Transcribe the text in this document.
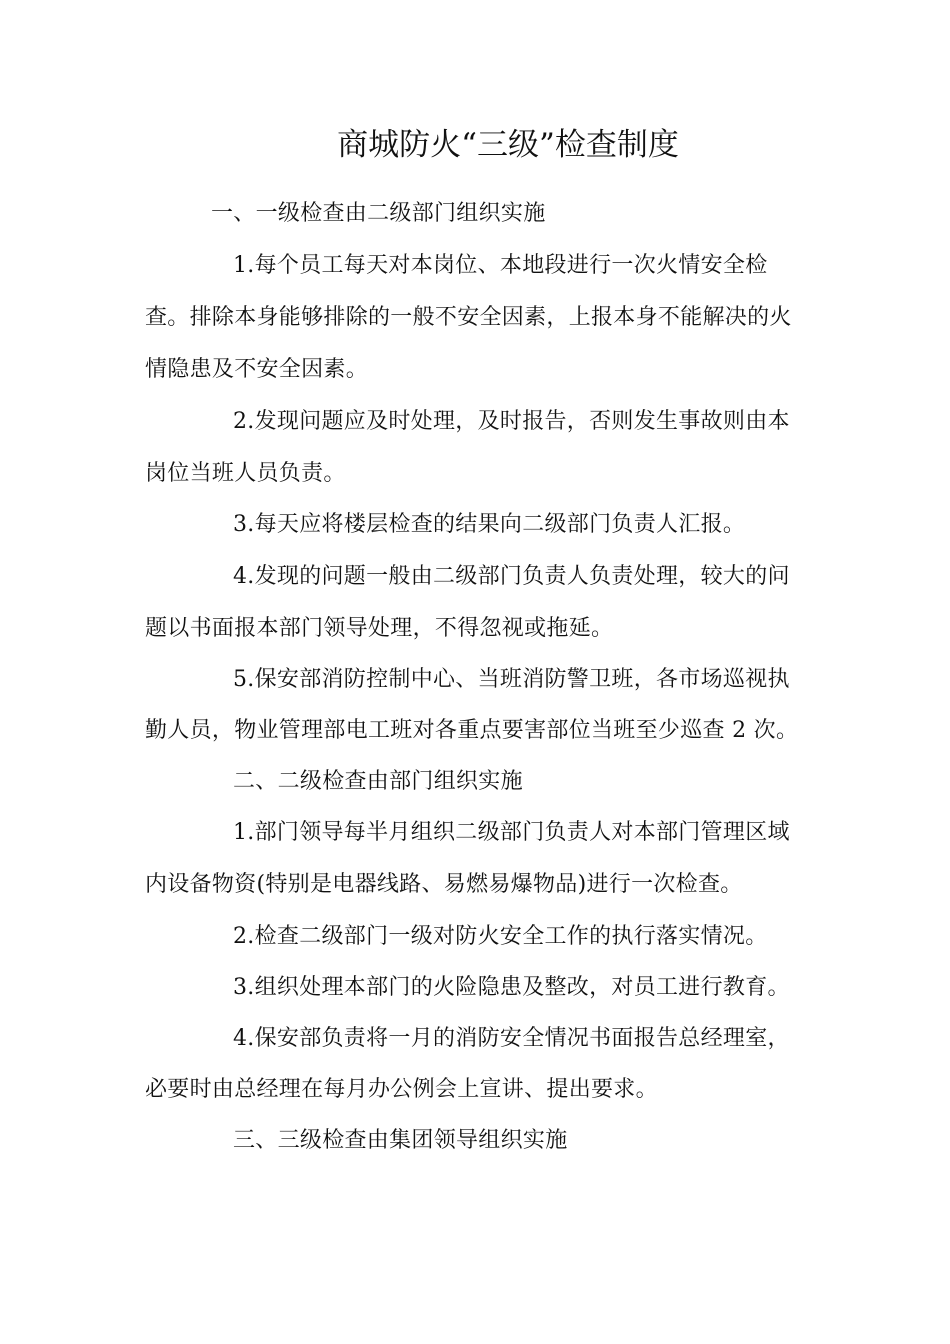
商城防火“三级”检查制度
一、一级检查由二级部门组织实施
1.每个员工每天对本岗位、本地段进行一次火情安全检
查。排除本身能够排除的一般不安全因素，上报本身不能解决的火
情隐患及不安全因素。
2.发现问题应及时处理，及时报告，否则发生事故则由本
岗位当班人员负责。
3.每天应将楼层检查的结果向二级部门负责人汇报。
4.发现的问题一般由二级部门负责人负责处理，较大的问
题以书面报本部门领导处理，不得忽视或拖延。
5.保安部消防控制中心、当班消防警卫班，各市场巡视执
勤人员，物业管理部电工班对各重点要害部位当班至少巡查 2 次。
二、二级检查由部门组织实施
1.部门领导每半月组织二级部门负责人对本部门管理区域
内设备物资(特别是电器线路、易燃易爆物品)进行一次检查。
2.检查二级部门一级对防火安全工作的执行落实情况。
3.组织处理本部门的火险隐患及整改，对员工进行教育。
4.保安部负责将一月的消防安全情况书面报告总经理室，
必要时由总经理在每月办公例会上宣讲、提出要求。
三、三级检查由集团领导组织实施
